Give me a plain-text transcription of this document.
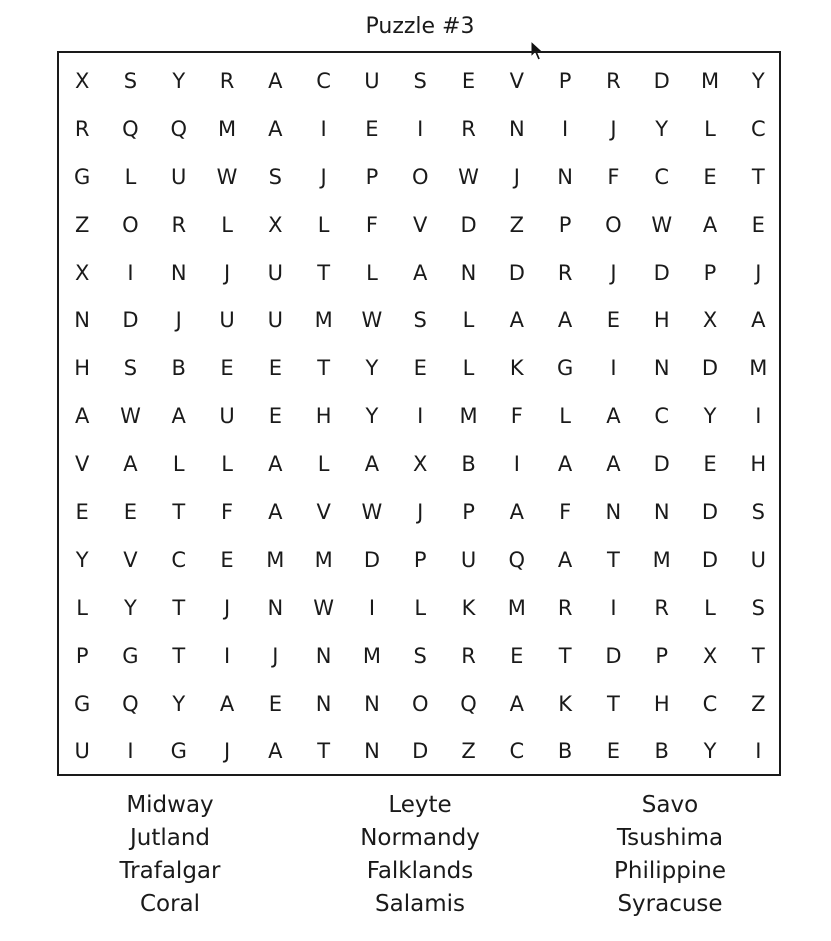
Puzzle #3
X	S	Y	R	A	C	U	S	E	V	P	R	D	M	Y
R	Q	Q	M	A	I	E	I	R	N	I	J	Y	L	C
G	L	U	W	S	J	P	O	W	J	N	F	C	E	T
Z	O	R	L	X	L	F	V	D	Z	P	O	W	A	E
X	I	N	J	U	T	L	A	N	D	R	J	D	P	J
N	D	J	U	U	M	W	S	L	A	A	E	H	X	A
H	S	B	E	E	T	Y	E	L	K	G	I	N	D	M
A	W	A	U	E	H	Y	I	M	F	L	A	C	Y	I
V	A	L	L	A	L	A	X	B	I	A	A	D	E	H
E	E	T	F	A	V	W	J	P	A	F	N	N	D	S
Y	V	C	E	M	M	D	P	U	Q	A	T	M	D	U
L	Y	T	J	N	W	I	L	K	M	R	I	R	L	S
P	G	T	I	J	N	M	S	R	E	T	D	P	X	T
G	Q	Y	A	E	N	N	O	Q	A	K	T	H	C	Z
U	I	G	J	A	T	N	D	Z	C	B	E	B	Y	I
Midway
Jutland
Trafalgar
Coral
Leyte
Normandy
Falklands
Salamis
Savo
Tsushima
Philippine
Syracuse
